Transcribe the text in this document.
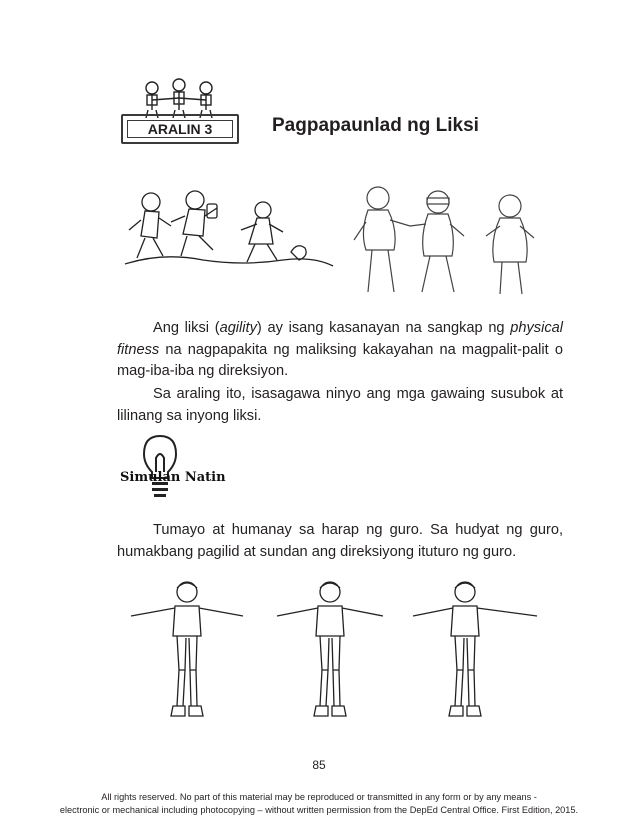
ARALIN 3	Pagpapaunlad ng Liksi
Ang liksi (agility) ay isang kasanayan na sangkap ng physical fitness na nagpapakita ng maliksing kakayahan na magpalit-palit o mag-iba-iba ng direksiyon.
Sa araling ito, isasagawa ninyo ang mga gawaing susubok at lilinang sa inyong liksi.
Simulan Natin
Tumayo at humanay sa harap ng guro. Sa hudyat ng guro, humakbang pagilid at sundan ang direksiyong ituturo ng guro.
85
All rights reserved. No part of this material may be reproduced or transmitted in any form or by any means -
electronic or mechanical including photocopying – without written permission from the DepEd Central Office. First Edition, 2015.
